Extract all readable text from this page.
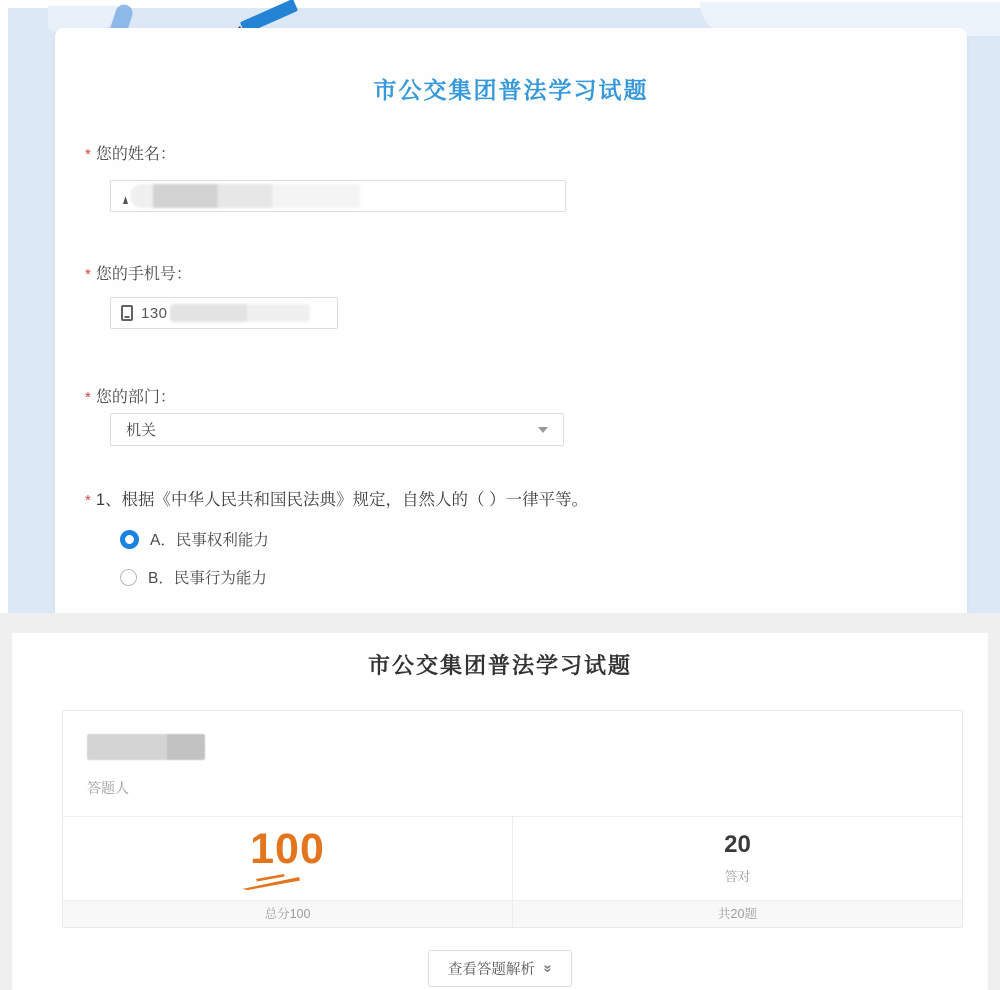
市公交集团普法学习试题
* 您的姓名：
* 您的手机号：
130
* 您的部门：
机关
* 1、根据《中华人民共和国民法典》规定，自然人的（ ）一律平等。
A．民事权利能力
B．民事行为能力
市公交集团普法学习试题
答题人
100	20
答对
总分100	共20题
查看答题解析 »
